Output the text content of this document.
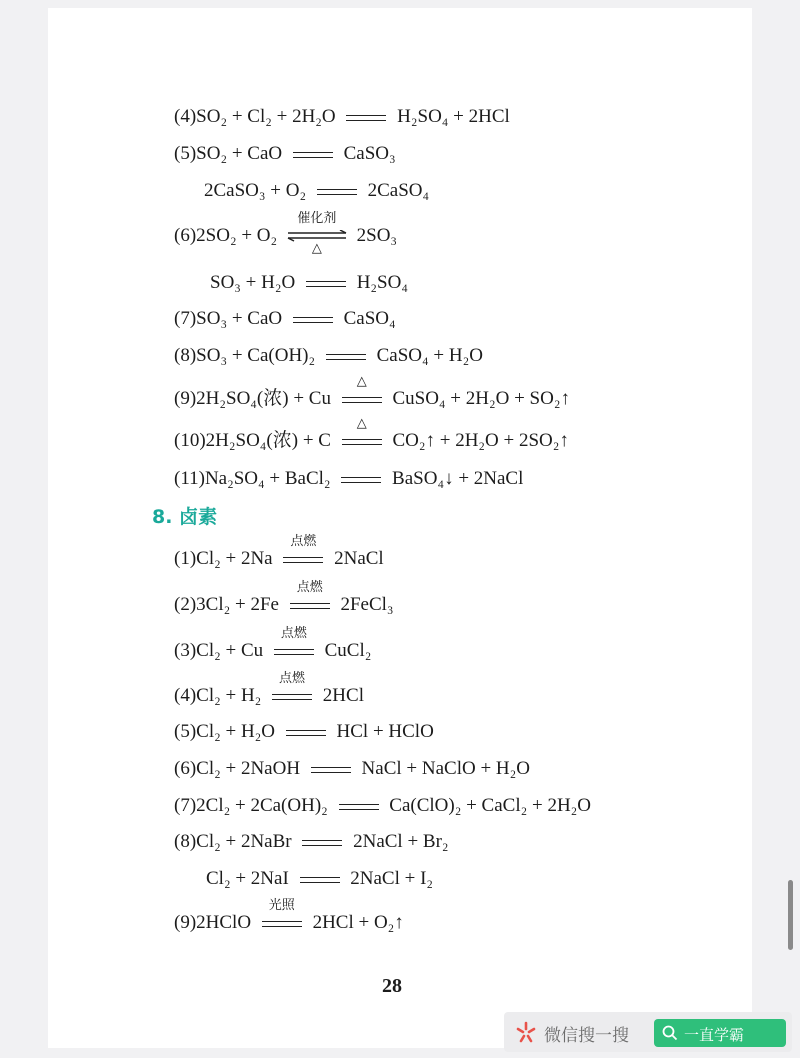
(4)SO₂ + Cl₂ + 2H₂O	H₂SO₄ + 2HCl
(5)SO₂ + CaO	CaSO₃
2CaSO₃ + O₂	2CaSO₄
(6)2SO₂ + O₂
催化剂
△
2SO₃
SO₃ + H₂O	H₂SO₄
(7)SO₃ + CaO	CaSO₄
(8)SO₃ + Ca(OH)₂	CaSO₄ + H₂O
(9)2H₂SO₄(浓) + Cu
△
CuSO₄ + 2H₂O + SO₂↑
(10)2H₂SO₄(浓) + C
△
CO₂↑ + 2H₂O + 2SO₂↑
(11)Na₂SO₄ + BaCl₂	BaSO₄↓ + 2NaCl
8. 卤素
(1)Cl₂ + 2Na
点燃
2NaCl
(2)3Cl₂ + 2Fe
点燃
2FeCl₃
(3)Cl₂ + Cu
点燃
CuCl₂
(4)Cl₂ + H₂
点燃
2HCl
(5)Cl₂ + H₂O	HCl + HClO
(6)Cl₂ + 2NaOH	NaCl + NaClO + H₂O
(7)2Cl₂ + 2Ca(OH)₂	Ca(ClO)₂ + CaCl₂ + 2H₂O
(8)Cl₂ + 2NaBr	2NaCl + Br₂
Cl₂ + 2NaI	2NaCl + I₂
(9)2HClO
光照
2HCl + O₂↑
28
微信搜一搜	一直学霸
